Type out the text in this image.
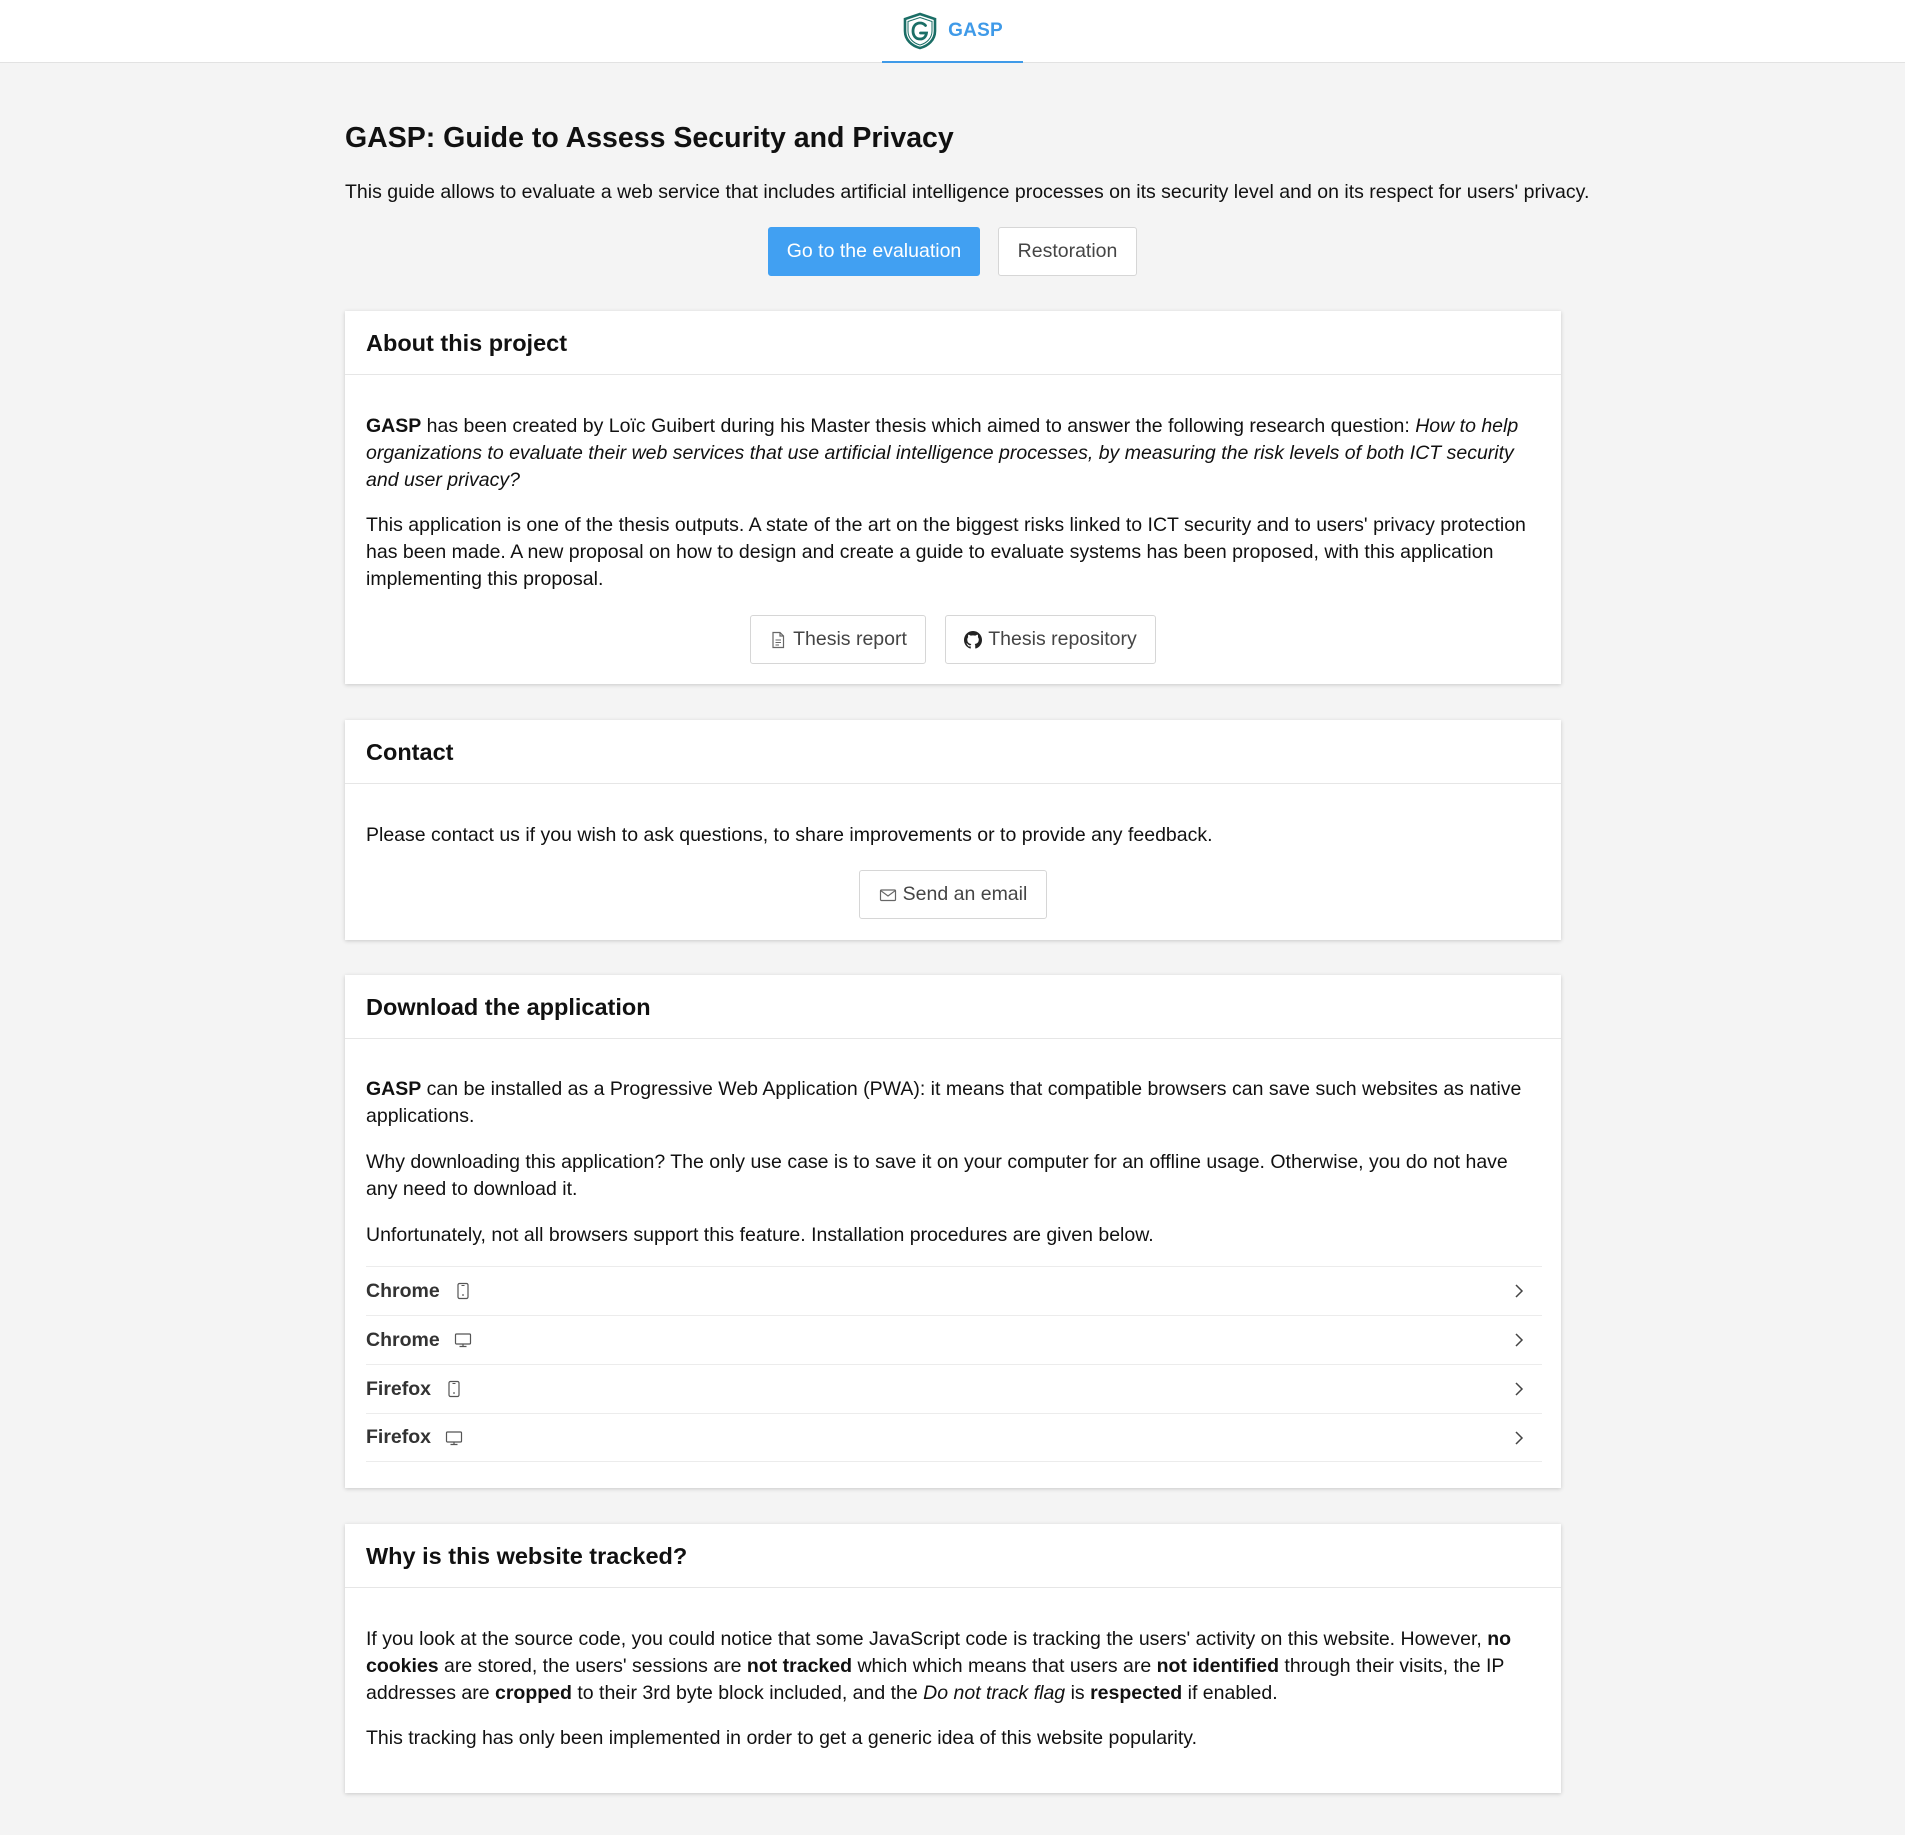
GASP
GASP: Guide to Assess Security and Privacy
This guide allows to evaluate a web service that includes artificial intelligence processes on its security level and on its respect for users' privacy.
Go to the evaluation	Restoration
About this project

GASP has been created by Loïc Guibert during his Master thesis which aimed to answer the following research question: How to help organizations to evaluate their web services that use artificial intelligence processes, by measuring the risk levels of both ICT security and user privacy?

This application is one of the thesis outputs. A state of the art on the biggest risks linked to ICT security and to users' privacy protection has been made. A new proposal on how to design and create a guide to evaluate systems has been proposed, with this application implementing this proposal.

Thesis report	Thesis repository
Contact

Please contact us if you wish to ask questions, to share improvements or to provide any feedback.

Send an email
Download the application

GASP can be installed as a Progressive Web Application (PWA): it means that compatible browsers can save such websites as native applications.

Why downloading this application? The only use case is to save it on your computer for an offline usage. Otherwise, you do not have any need to download it.

Unfortunately, not all browsers support this feature. Installation procedures are given below.

Chrome
Chrome
Firefox
Firefox
Why is this website tracked?

If you look at the source code, you could notice that some JavaScript code is tracking the users' activity on this website. However, no cookies are stored, the users' sessions are not tracked which which means that users are not identified through their visits, the IP addresses are cropped to their 3rd byte block included, and the Do not track flag is respected if enabled.

This tracking has only been implemented in order to get a generic idea of this website popularity.
